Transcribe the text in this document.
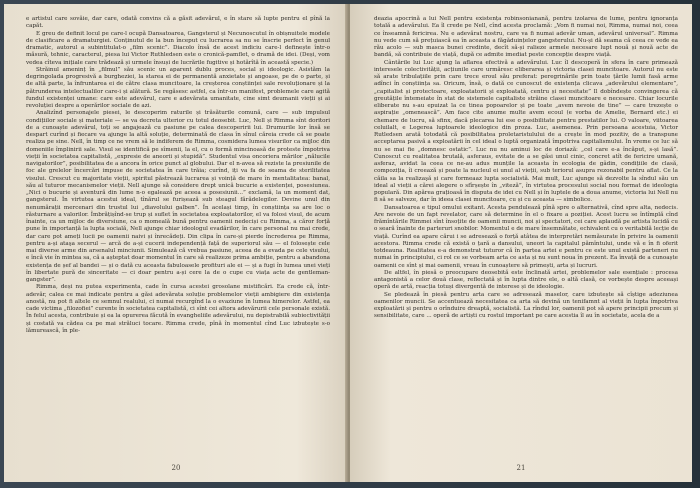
e artistul care sovăie, dar care, odată convins că a găsit adevărul, e în stare să lupte pentru el pînă la capăt.

E greu de definit locul pe care-l ocupă Dansatoarea, Gangsterul și Necunoscutul în obișnuitele modele de clasificare a dramaturgiei. Conținutul de la bun început cu lucrarea sa nu se înscrie perfect în genul dramatic, autorul a subintitulat-o „film scenic”. Diacolo însă de acest indiciu care-l definește într-o măsură, tehnic, caracterul, piesa lui Victor Ruthledsen este o cronică-pamflet, o dramă de idei. (Deși, vom vedea cîteva inițiale care trădează și urmele însuși de lucrările fugitive și hotărîtă în această specie.)

Străinul ameninț în „filmul” său scenic un aparent dublu proces, social și ideologic. Asistăm la degringolada progresivă a burgheziei, la starea ei de permanentă anxietate și angoase, pe de o parte, și de altă parte, la înfruntarea ei de către clasa muncitoare, la creșterea conștiinței sale revoluționare și la pătrunderea intelectualilor care-i și alătură. Se regăsesc astfel, ca într-un manifest, problemele care agită fundul existenței umane: care este adevărul, care e adevărata umanitate, cine simt deumanii vieții și ai revoluției despre a operărilor sociale de azi.

Analizînd personajele piesei, le descoperim raturile și trăsăturile comună, care — sub impulsul condițiilor sociale și materiale — se va decreta ulterior cu totul deosebit. Luc, Nell și Rimma sînt doritori de a cunoaște adevărul, toți se angajează cu pasiune pe calea descoperirii lui. Drumurile lor însă se despart curînd și fiecare va ajunge la altă soluție, determinată de clasa în sînul căreia crede că se poate realiza pe sine. Nell, în timp ce ne vrem să le indiferem de Rimma, cosmidera lumea visurilor ca mijloc din domeniile împlinirii sale. Visul se identifică pe sîmenii, la el, cu o formă mincinoasă de proteste împotriva vieții în societatea capitalistă, „expresie de aneorii și stupidă”. Studentul visa oncoriera mărilor „nălucile navigatorilor”, posibilitatea de a ancora în orice punct al globului. Dar el n-avea să reziste la presiunile de foc ale grelelor încercări impuse de societatea în care trăia; curînd, iți va fa de seama de sterilitatea visului. Crescut cu majoritate vieții, spiritul păstrează lucrarea și voință de mare în mentalitatea: banal, său al tuturor mecanismelor vieții. Nell ajunge să considere drept unică bucurie a existenței, posesiunea. „Nici o bucurie și aventură din lume n-o egalează pe aceea a posesiunii...” exclamă, la un moment dat, gangsterul. În virtutea acestui ideal, tînărul se furișează sub steagul fărădelegilor. Devine unul din nenumărații mercenari din trustul lui „diavolului galben”. În același timp, în conștiința sa are loc o răsturnare a valorilor. Îmbrățișînd-se trup și suflet în societatea exploatatorilor, el va folosi visul, de acum înainte, ca un mijloc de diversiune, ca o momeală bună pentru oamenii nedeciși cu Rimma, a căror forță pune în importanță la lupta socială, Nell ajunge chiar ideologul evadărilor, în care personal nu mai crede, dar care pot ameți lucii pe oamenii naivi și înrecădeți. Din clipa în care-și pierde încrederea pe Rimma, pentru a-și ataşa secerul — arcă de a-și cucerii independență față de superiorul său — el folosește cele mai diverse arme din arsenalul minciunii. Simulează că vrebua pasiune, aceea de a evada pe cele visului, e încă vie în mintea sa, că a așteptat doar momentul în care să realizeze prima ambiție, pentru a abandona existența de șef al bandei — și o dată cu aceasta fabuloasele profituri ale ei — și a fugi în lumea unei vieți în libertate pură de sinceritate — ci doar pentru a-și cere la de o cupe cu viața acte de gentleman-gangster”.

Rimma, deși nu putea experimenta, cade în cursa acestei grosolane mistificări. Ea crede că, într-adevăr, calea ce mai indicate pentru a găsi adevărata soluție problemelor vieții ambigiere din existența anostă, nu pot fi altele ce semnul realului, ci numai recurgînd la o evaziune în lumea himerelor. Astfel, ea cade victima „filozofiei” curente în societatea capitalistă, ci sînt cei altora adevărurii cele personale există. În felul acesta, contribuie și ea la opurerea făcută în evangheliile adevărului, nu depistrabilă subiectivității și costată va cădea ca pe mai străluci tocare. Rimma crede, pînă în momentul cînd Luc izbutește s-o lămurească, în ple-

20

deazia apocrină a lui Nell pentru existența robinsonianană, pentru izolarea de lume, pentru ignoranța totală a adevărului. Ea îl crede pe Nell, cînd acesta proclamă: „Vom fi numai noi, Rimma, numai noi, ceea ce înseamnă fericirea. Nu e adevărat nostru, care va fi numai adevăr uman, adevărul universal”. Rimma nu vede cum să prețuiască ea în aceasta a făgăduințelor gangsterului. Nu-și dă seama că ceea ce vede ea rău acolo — sub masca bunei credinte, decît să-și ralieze armele necesare lupt nouă și nouă acte de bandă, să contribuie de viață, după ce admite imediat peste concepție despre viață.

Cântările lui Luc ajung la aflarea efectivă a adevărului. Luc îl descoperă în sfera în care primează interesele colectivității, acțiunile care urmăresc eliberarea și victoria clasei muncitoare. Autorul nu este să arate tribulațiile prin care trece eroul său preferat: peregrinările prin toate țările lumii fasă arme adînci în conștiința sa. Oricum, însă, o dată ce cunoscut de existența clicava „adevărului elementare”, „capitalist și protectoare, exploatatorii și exploatată, centru și necesitate” Il dobîndește convingerea că greutățile întemeiate în stat de sistemele capitaliste străine clasei muncitoare e necesare. Chiar locurile eliberate nu s-au epuizat la ce tinea popoarelor și pe toate „avem nevoie de tine” — care trezește o aspirație „omenească”. Am face cite anume multe avem ecoul (e vorba de Amelie, Bernard etc.) ei chemare de lucru, să sfinx, dacă plecarea lui ese o posibilitate pentru prestatilor lui. O valoare, viitoarea celuilalt, e Legerea luptoarele ideologice din proza. Luc, asemenea. Prin persoana acestuia, Victor Rutledsen arată totodată că posibilitatea proletaristulului de a crește în mod pozitiv, de a transpune acceptarea pasivă a exploatării în cel ideal o luptă organizată împotriva capitalismului. În vreme ce luc să nu se mai fie „domnesc ostatic”. Luc nu nu aminui loc de doriază: „cel care e-a încăput, s-și lasă”. Cunoscut cu realitatea brutală, asferaus, evitate de a se găsi unul cinic, concret atît de fericire umană, asferaz, avidat la ceea ce ne-au adus munțile la aceasta în ecologia de gâdin, condițiile de clasă, compoziția, îi creează și poate la nucleul ei unul al vieții, sub teriorul asupra rezonabil pentru aflat. Ce la căila sa la realizaşă și care formeaaz lupta socialistă. Mai mult, Luc ajunge să dezvolte la sîndul său un ideal al vieții a cărei alegere o sfîrșește în „viteză”, în virtutea procesului social nou format de ideologia populară. Din apărea grațioasă în disputa de idei cu Nell și în luptele de a doua anume, victoria lui Nell nu fi să se salveze, dar în ideea clasei muncitoare, cu și cu aceasta — simbolice.

Dansatoarea e tipul omului exitant. Acesta pendulează pînă spre o alternativă, cînd spre alta, nedecis. Are nevoie de un fapt revelator, care să determine în el o fixare a poziției. Acest lucru se întîmplă cînd frămîntările Rimmei sînt însoțite de oamenii muncii, noi și spectatori, cei care aplaudă pe artista lucidă cu o seară înainte de parteruri snobilor. Momentul e de mare însemnătate, echivalent cu o veritabilă lecție de viață. Curînd ea apare cărui i se adresează o forță atâtea de interpretări nemăsurate în privire la oamenii acestora. Rimma crede că există o țară a dansului, uneori la capitalul pămîntului, unde vă e în fi oferit totdeauna. Realitatea e-a demonstrat tuturor că în partea artei e pentru ce este unul există parteneri nu numai în principiului, ci rol ce se vorbeam arta ce asta și nu sunt noua în prezent. Ea învață de a cunoaște oamenii ce sînt și mai oamenii, vreau în cunoaștere să primești, arta și lucruri.

De altfel, în piesă o preocupare deosebită este înclinată artei, problemelor sale esențiale : procesa antagonistă a celor două clase, reflectată și în lupta dintre ele, o altă clasă, ce vorbește despre aceeași operă de artă, reacția totuși divergentă de interese și de ideologie.

Se pledează în piesă pentru arta care se adresează maselor, care izbutește să cîștige adeziunea oamenilor muncii. Se accentuează necesitatea ca arta să devină un tenifamnt al vieții în lupta împotriva exploatării și pentru o orînduire dreaptă, socialistă. La rîndul lor, oamenii pot să apere principii precum și sensibilitate, care ... operă de artiști cu rostul important pe care acestia îl au în societate, acela de a

21
